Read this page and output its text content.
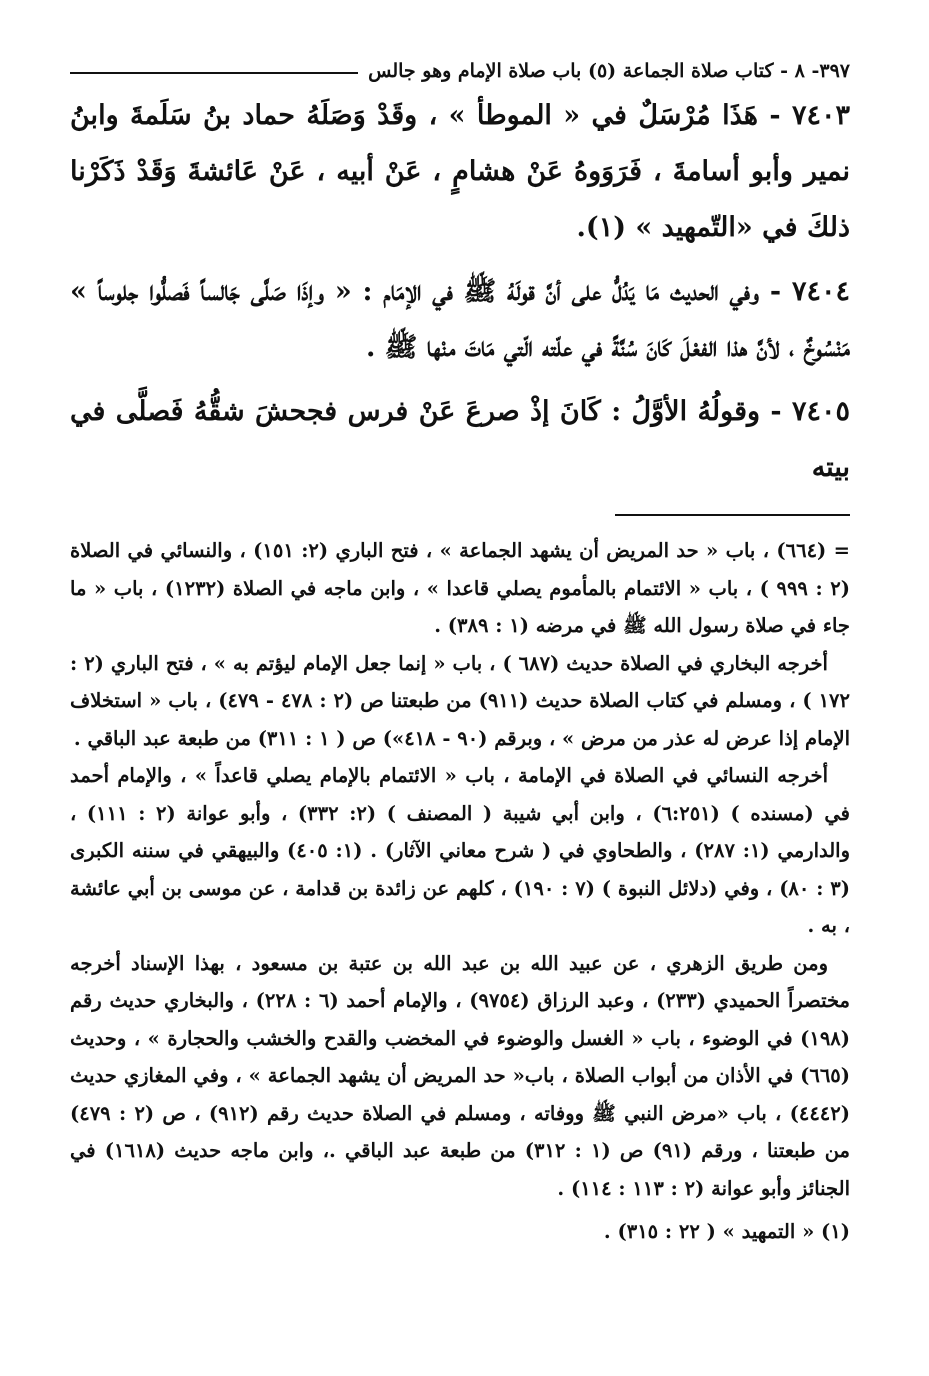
٣٩٧- ٨ - كتاب صلاة الجماعة (٥) باب صلاة الإمام وهو جالس

٧٤٠٣ - هَذَا مُرْسَلٌ في « الموطأ » ، وقَدْ وَصَلَهُ حماد بنُ سَلَمةَ وابنُ نمير وأبو أسامةَ ، فَرَوَوهُ عَنْ هشامٍ ، عَنْ أبيه ، عَنْ عَائشةَ وَقَدْ ذَكَرْنا ذلكَ في «التّمهيد » (١).

٧٤٠٤ - وفي الحديث مَا يَدُلُّ على أنَّ قولَهُ ﷺ في الإمَام : « وإذَا صَلَّى جَالساً فَصلُّوا جلوساً » مَنْسُوخٌ ، لأنَّ هذا الفعْلَ كَانَ سُنَّةً في علّته الّتي مَاتَ منْها ﷺ .

٧٤٠٥ - وقولُهُ الأوَّلُ : كَانَ إذْ صرعَ عَنْ فرس فجحشَ شقُّهُ فَصلَّى في بيته

= (٦٦٤) ، باب « حد المريض أن يشهد الجماعة » ، فتح الباري (٢: ١٥١) ، والنسائي في الصلاة (٢ : ٩٩٩ ) ، باب « الائتمام بالمأموم يصلي قاعدا » ، وابن ماجه في الصلاة (١٢٣٢) ، باب « ما جاء في صلاة رسول الله ﷺ في مرضه (١ : ٣٨٩) .

أخرجه البخاري في الصلاة حديث (٦٨٧ ) ، باب « إنما جعل الإمام ليؤتم به » ، فتح الباري (٢ : ١٧٢ ) ، ومسلم في كتاب الصلاة حديث (٩١١) من طبعتنا ص (٢ : ٤٧٨ - ٤٧٩) ، باب « استخلاف الإمام إذا عرض له عذر من مرض » ، وبرقم (٩٠ - ٤١٨») ص ( ١ : ٣١١) من طبعة عبد الباقي .

أخرجه النسائي في الصلاة في الإمامة ، باب « الائتمام بالإمام يصلي قاعداً » ، والإمام أحمد في (مسنده ) (٦:٢٥١) ، وابن أبي شيبة ( المصنف ) (٢: ٣٣٢) ، وأبو عوانة (٢ : ١١١) ، والدارمي (١: ٢٨٧) ، والطحاوي في ( شرح معاني الآثار) . (١: ٤٠٥) والبيهقي في سننه الكبرى (٣ : ٨٠) ، وفي (دلائل النبوة ) (٧ : ١٩٠) ، كلهم عن زائدة بن قدامة ، عن موسى بن أبي عائشة ، به .

ومن طريق الزهري ، عن عبيد الله بن عبد الله بن عتبة بن مسعود ، بهذا الإسناد أخرجه مختصراً الحميدي (٢٣٣) ، وعبد الرزاق (٩٧٥٤) ، والإمام أحمد (٦ : ٢٢٨) ، والبخاري حديث رقم (١٩٨) في الوضوء ، باب « الغسل والوضوء في المخضب والقدح والخشب والحجارة » ، وحديث (٦٦٥) في الأذان من أبواب الصلاة ، باب« حد المريض أن يشهد الجماعة » ، وفي المغازي حديث (٤٤٤٢) ، باب «مرض النبي ﷺ ووفاته ، ومسلم في الصلاة حديث رقم (٩١٢) ، ص (٢ : ٤٧٩) من طبعتنا ، ورقم (٩١) ص (١ : ٣١٢) من طبعة عبد الباقي .، وابن ماجه حديث (١٦١٨) في الجنائز وأبو عوانة (٢ : ١١٣ : ١١٤) .

(١) « التمهيد » ( ٢٢ : ٣١٥) .
